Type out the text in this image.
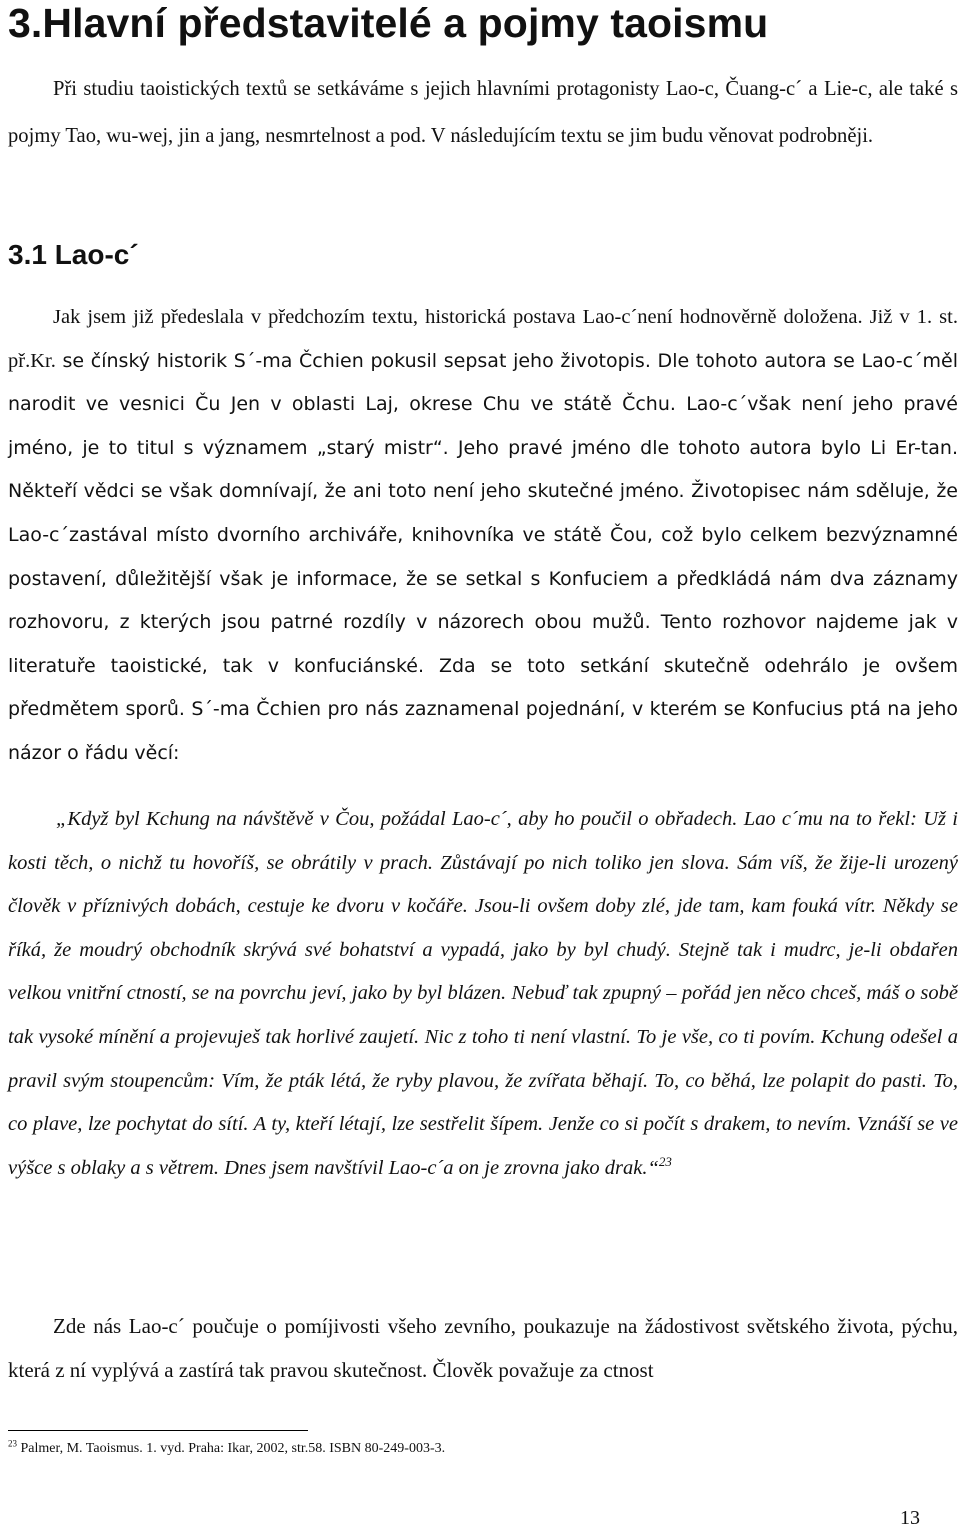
3.Hlavní představitelé a pojmy taoismu

Při studiu taoistických textů se setkáváme s jejich hlavními protagonisty Lao-c, Čuang-c´ a Lie-c, ale také s pojmy Tao, wu-wej, jin a jang, nesmrtelnost a pod. V následujícím textu se jim budu věnovat podrobněji.

3.1 Lao-c´

Jak jsem již předeslala v předchozím textu, historická postava Lao-c´není hodnověrně doložena. Již v 1. st. př.Kr. se čínský historik S´-ma Čchien pokusil sepsat jeho životopis. Dle tohoto autora se Lao-c´měl narodit ve vesnici Ču Jen v oblasti Laj, okrese Chu ve státě Čchu. Lao-c´však není jeho pravé jméno, je to titul s významem „starý mistr“. Jeho pravé jméno dle tohoto autora bylo Li Er-tan. Někteří vědci se však domnívají, že ani toto není jeho skutečné jméno. Životopisec nám sděluje, že Lao-c´zastával místo dvorního archiváře, knihovníka ve státě Čou, což bylo celkem bezvýznamné postavení, důležitější však je informace, že se setkal s Konfuciem a předkládá nám dva záznamy rozhovoru, z kterých jsou patrné rozdíly v názorech obou mužů. Tento rozhovor najdeme jak v literatuře taoistické, tak v konfuciánské. Zda se toto setkání skutečně odehrálo je ovšem předmětem sporů. S´-ma Čchien pro nás zaznamenal pojednání, v kterém se Konfucius ptá na jeho názor o řádu věcí:

„Když byl Kchung na návštěvě v Čou, požádal Lao-c´, aby ho poučil o obřadech. Lao c´mu na to řekl: Už i kosti těch, o nichž tu hovoříš, se obrátily v prach. Zůstávají po nich toliko jen slova. Sám víš, že žije-li urozený člověk v příznivých dobách, cestuje ke dvoru v kočáře. Jsou-li ovšem doby zlé, jde tam, kam fouká vítr. Někdy se říká, že moudrý obchodník skrývá své bohatství a vypadá, jako by byl chudý. Stejně tak i mudrc, je-li obdařen velkou vnitřní ctností, se na povrchu jeví, jako by byl blázen. Nebuď tak zpupný – pořád jen něco chceš, máš o sobě tak vysoké mínění a projevuješ tak horlivé zaujetí. Nic z toho ti není vlastní. To je vše, co ti povím. Kchung odešel a pravil svým stoupencům: Vím, že pták létá, že ryby plavou, že zvířata běhají. To, co běhá, lze polapit do pasti. To, co plave, lze pochytat do sítí. A ty, kteří létají, lze sestřelit šípem. Jenže co si počít s drakem, to nevím. Vznáší se ve výšce s oblaky a s větrem. Dnes jsem navštívil Lao-c´a on je zrovna jako drak.“$^{23}$

Zde nás Lao-c´ poučuje o pomíjivosti všeho zevního, poukazuje na žádostivost světského života, pýchu, která z ní vyplývá a zastírá tak pravou skutečnost. Člověk považuje za ctnost

$^{23}$ Palmer, M. Taoismus. 1. vyd. Praha: Ikar, 2002, str.58. ISBN 80-249-003-3.

13
